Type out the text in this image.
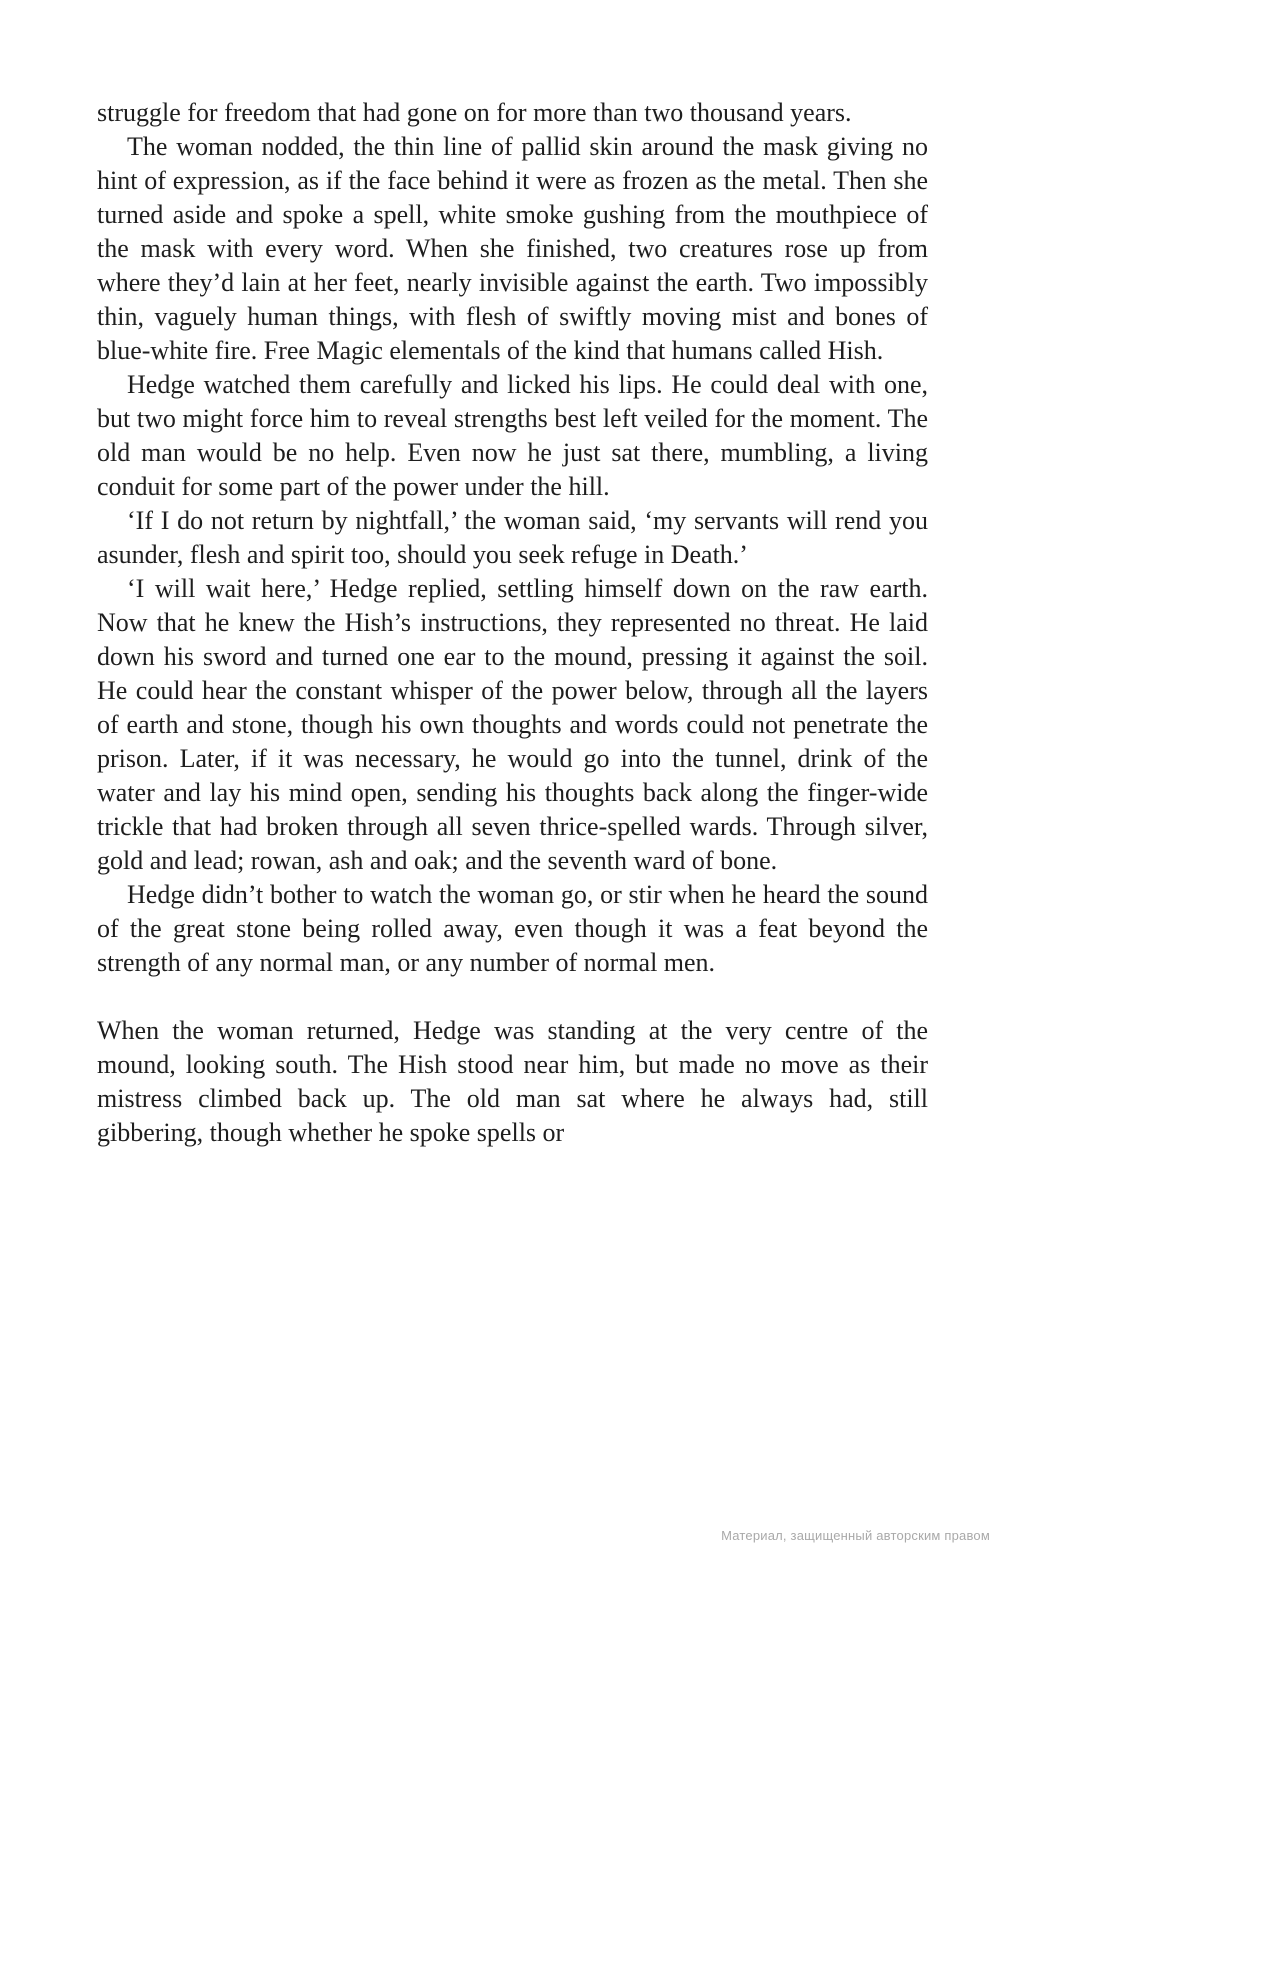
struggle for freedom that had gone on for more than two thousand years.

The woman nodded, the thin line of pallid skin around the mask giving no hint of expression, as if the face behind it were as frozen as the metal. Then she turned aside and spoke a spell, white smoke gushing from the mouthpiece of the mask with every word. When she finished, two creatures rose up from where they’d lain at her feet, nearly invisible against the earth. Two impossibly thin, vaguely human things, with flesh of swiftly moving mist and bones of blue-white fire. Free Magic elementals of the kind that humans called Hish.

Hedge watched them carefully and licked his lips. He could deal with one, but two might force him to reveal strengths best left veiled for the moment. The old man would be no help. Even now he just sat there, mumbling, a living conduit for some part of the power under the hill.

‘If I do not return by nightfall,’ the woman said, ‘my servants will rend you asunder, flesh and spirit too, should you seek refuge in Death.’

‘I will wait here,’ Hedge replied, settling himself down on the raw earth. Now that he knew the Hish’s instructions, they represented no threat. He laid down his sword and turned one ear to the mound, pressing it against the soil. He could hear the constant whisper of the power below, through all the layers of earth and stone, though his own thoughts and words could not penetrate the prison. Later, if it was necessary, he would go into the tunnel, drink of the water and lay his mind open, sending his thoughts back along the finger-wide trickle that had broken through all seven thrice-spelled wards. Through silver, gold and lead; rowan, ash and oak; and the seventh ward of bone.

Hedge didn’t bother to watch the woman go, or stir when he heard the sound of the great stone being rolled away, even though it was a feat beyond the strength of any normal man, or any number of normal men.

When the woman returned, Hedge was standing at the very centre of the mound, looking south. The Hish stood near him, but made no move as their mistress climbed back up. The old man sat where he always had, still gibbering, though whether he spoke spells or

Материал, защищенный авторским правом
